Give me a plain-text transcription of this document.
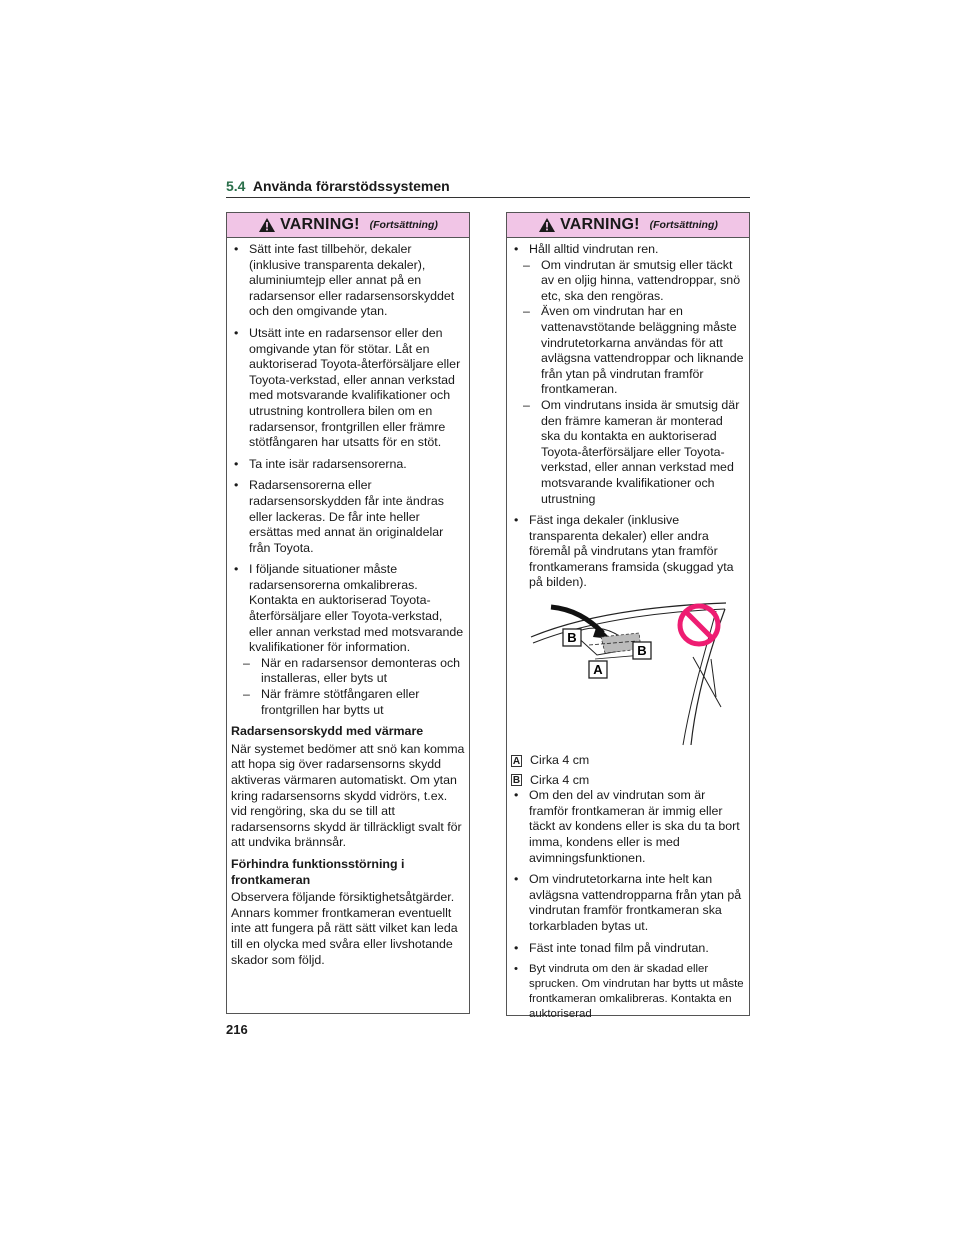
5.4 Använda förarstödssystemen
VARNING! (Fortsättning)

• Sätt inte fast tillbehör, dekaler (inklusive transparenta dekaler), aluminiumtejp eller annat på en radarsensor eller radarsensorskyddet och den omgivande ytan.

• Utsätt inte en radarsensor eller den omgivande ytan för stötar. Låt en auktoriserad Toyota-återförsäljare eller Toyota-verkstad, eller annan verkstad med motsvarande kvalifikationer och utrustning kontrollera bilen om en radarsensor, frontgrillen eller främre stötfångaren har utsatts för en stöt.

• Ta inte isär radarsensorerna.

• Radarsensorerna eller radarsensorskydden får inte ändras eller lackeras. De får inte heller ersättas med annat än originaldelar från Toyota.

• I följande situationer måste radarsensorerna omkalibreras. Kontakta en auktoriserad Toyota-återförsäljare eller Toyota-verkstad, eller annan verkstad med motsvarande kvalifikationer för information.

– När en radarsensor demonteras och installeras, eller byts ut

– När främre stötfångaren eller frontgrillen har bytts ut

Radarsensorskydd med värmare

När systemet bedömer att snö kan komma att hopa sig över radarsensorns skydd aktiveras värmaren automatiskt. Om ytan kring radarsensorns skydd vidrörs, t.ex. vid rengöring, ska du se till att radarsensorns skydd är tillräckligt svalt för att undvika brännsår.

Förhindra funktionsstörning i frontkameran

Observera följande försiktighetsåtgärder. Annars kommer frontkameran eventuellt inte att fungera på rätt sätt vilket kan leda till en olycka med svåra eller livshotande skador som följd.

VARNING! (Fortsättning)

• Håll alltid vindrutan ren.

– Om vindrutan är smutsig eller täckt av en oljig hinna, vattendroppar, snö etc, ska den rengöras.

– Även om vindrutan har en vattenavstötande beläggning måste vindrutetorkarna användas för att avlägsna vattendroppar och liknande från ytan på vindrutan framför frontkameran.

– Om vindrutans insida är smutsig där den främre kameran är monterad ska du kontakta en auktoriserad Toyota-återförsäljare eller Toyota-verkstad, eller annan verkstad med motsvarande kvalifikationer och utrustning

• Fäst inga dekaler (inklusive transparenta dekaler) eller andra föremål på vindrutans ytan framför frontkamerans framsida (skuggad yta på bilden).

B
B
A
A Cirka 4 cm
B Cirka 4 cm

• Om den del av vindrutan som är framför frontkameran är immig eller täckt av kondens eller is ska du ta bort imma, kondens eller is med avimningsfunktionen.

• Om vindrutetorkarna inte helt kan avlägsna vattendropparna från ytan på vindrutan framför frontkameran ska torkarbladen bytas ut.

• Fäst inte tonad film på vindrutan.

• Byt vindruta om den är skadad eller sprucken. Om vindrutan har bytts ut måste frontkameran omkalibreras. Kontakta en auktoriserad

216
